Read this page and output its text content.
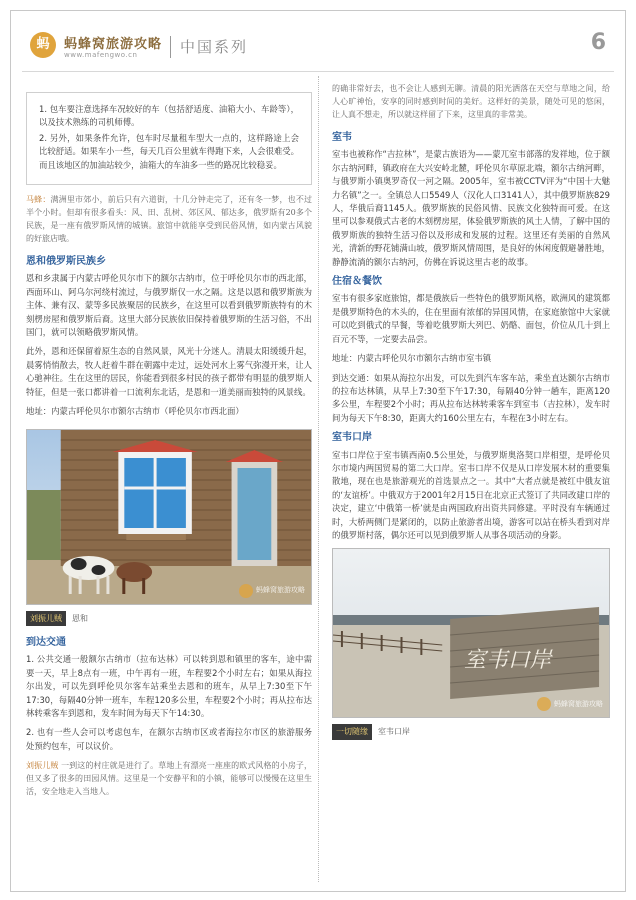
蚂	蚂蜂窝旅游攻略
www.mafengwo.cn	中国系列	6

1. 包车要注意选择车况较好的车（包括舒适度、油箱大小、车龄等），以及技术熟练的司机师傅。

2. 另外，如果条件允许，包车时尽量租车型大一点的，这样路途上会比较舒适。如果车小一些，每天几百公里就车得跑下来，人会很难受。而且该地区的加油站较少，油箱大的车油多一些的路况比较稳妥。

马蜂：满洲里市郊小，前后只有六道街，十几分钟走完了，还有冬一梦，也不过半个小时。但却有很多看头：风、田、乱树、郊区风、郁达多，俄罗斯有20多个民族，是一座有俄罗斯风情的城镇。旅馆中就能享受到民俗风情，如内蒙古风貌的好旅店哦。

恩和俄罗斯民族乡

恩和乡隶属于内蒙古呼伦贝尔市下的额尔古纳市，位于呼伦贝尔市的西北部，西面环山、阿乌尔河绕村流过，与俄罗斯仅一水之隔。这是以恩和俄罗斯族为主体、兼有汉、蒙等多民族聚居的民族乡，在这里可以看到俄罗斯族特有的木刻楞房屋和俄罗斯后裔。这里大部分民族依旧保持着俄罗斯的生活习俗，不出国门，就可以领略俄罗斯风情。

此外，恩和还保留着原生态的自然风景，风光十分迷人。清晨太阳缓缓升起，晨雾悄悄散去，牧人赶着牛群在朝露中走过，远处河水上雾气弥漫开来，让人心驰神往。生在这里的居民，你能看到很多村民的孩子都带有明显的俄罗斯人特征，但是一张口都讲着一口流利东北话，是恩和一道美丽而独特的风景线。

地址：内蒙古呼伦贝尔市额尔古纳市（呼伦贝尔市西北面）

蚂蜂窝旅游攻略
刘振儿贼	恩和
到达交通

1. 公共交通一般额尔古纳市（拉布达林）可以转到恩和镇里的客车，途中需要一天，早上8点有一班，中午再有一班，车程要2个小时左右；如果从海拉尔出发，可以先到呼伦贝尔客车站乘坐去恩和的班车，从早上7:30至下午17:30，每隔40分钟一班车，车程120多公里，车程要2个小时；再从拉布达林转乘客车到恩和，发车时间为每天下午14:30。

2. 也有一些人会可以考虑包车，在额尔古纳市区或者海拉尔市区的旅游服务处预约包车，可以议价。

刘振儿贼 一到这的村庄就是进行了。草地上有漂亮一座座的欧式风格的小房子，但又多了很多的田园风情。这里是一个安静平和的小镇，能够可以慢慢在这里生活，安全地走入当地人。

的确非常好去，也不会让人感到无聊。清晨的阳光洒落在天空与草地之间，给人心旷神怡，安享的同时感到时间的美好。这样好的美景，随处可见的悠闲，让人真不想走，所以就这样留了下来，这里真的非常美。

室韦

室韦也被称作“吉拉林”，是蒙古族语为——蒙兀室韦部落的发祥地，位于额尔古纳河畔，镇政府在大兴安岭北麓，呼伦贝尔草原北端，额尔古纳河畔，与俄罗斯小镇奥罗奇仅一河之隔。2005年，室韦被CCTV评为“中国十大魅力名镇”之一。全镇总人口5549人（汉化人口3141人），其中俄罗斯族829人，华俄后裔1145人。俄罗斯族的民俗风情、民族文化独特而可爱。在这里可以参观俄式古老的木刻楞房屋，体验俄罗斯族的风土人情，了解中国的俄罗斯族的独特生活习俗以及形成和发展的过程。这里还有美丽的自然风光，清新的野花铺满山坡，俄罗斯风情周围，是良好的休闲度假避暑胜地，静静流淌的额尔古纳河，仿佛在诉说这里古老的故事。

住宿＆餐饮

室韦有很多家庭旅馆，都是俄族后一些特色的俄罗斯风格，欧洲风的建筑都是俄罗斯特色的木头的，住在里面有浓郁的异国风情，在家庭旅馆中大家就可以吃到俄式的早餐，等着吃俄罗斯大列巴、奶酪、面包，价位从几十到上百元不等，一定要去品尝。

地址：内蒙古呼伦贝尔市额尔古纳市室韦镇

到达交通：如果从海拉尔出发，可以先到汽车客车站，乘坐直达额尔古纳市的拉布达林镇，从早上7:30至下午17:30，每隔40分钟一趟车，距离120多公里，车程要2个小时；再从拉布达林转乘客车到室韦（吉拉林），发车时间为每天下午8:30，距离大约160公里左右，车程在3小时左右。

室韦口岸

室韦口岸位于室韦镇西南0.5公里处，与俄罗斯奥洛契口岸相望，是呼伦贝尔市境内两国贸易的第二大口岸。室韦口岸不仅是从口岸发展木材的重要集散地，现在也是旅游观光的首选景点之一。其中“大者点就是被红中俄友谊的‘友谊桥’。中俄双方于2001年2月15日在北京正式签订了共同改建口岸的决定，建立‘中俄第一桥’就是由两国政府出资共同修建。平时没有车辆通过时，大桥两侧门是紧闭的，以防止旅游者出境，游客可以站在桥头看到对岸的俄罗斯村落，偶尔还可以见到俄罗斯人从事各项活动的身影。

室韦口岸
蚂蜂窝旅游攻略
一切随缘	室韦口岸
